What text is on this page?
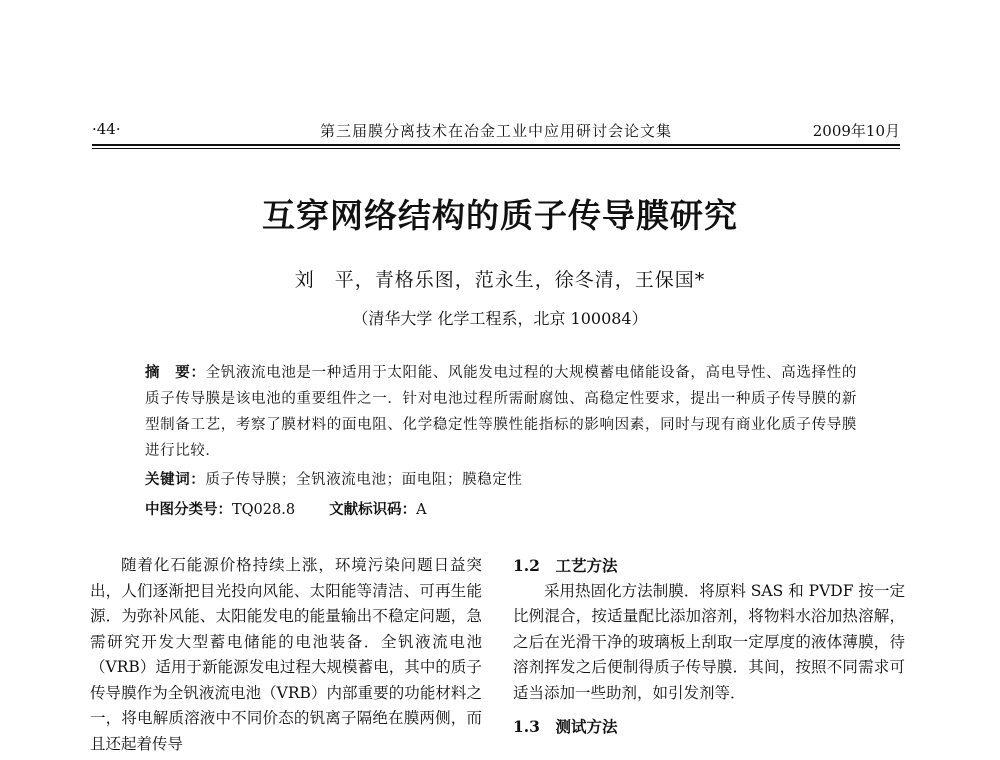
·44·	第三届膜分离技术在冶金工业中应用研讨会论文集	2009年10月
互穿网络结构的质子传导膜研究
刘　平，青格乐图，范永生，徐冬清，王保国*
（清华大学 化学工程系，北京 100084）
摘　要：全钒液流电池是一种适用于太阳能、风能发电过程的大规模蓄电储能设备，高电导性、高选择性的质子传导膜是该电池的重要组件之一．针对电池过程所需耐腐蚀、高稳定性要求，提出一种质子传导膜的新型制备工艺，考察了膜材料的面电阻、化学稳定性等膜性能指标的影响因素，同时与现有商业化质子传导膜进行比较．
关键词：质子传导膜；全钒液流电池；面电阻；膜稳定性
中图分类号：TQ028.8 文献标识码：A

随着化石能源价格持续上涨，环境污染问题日益突出，人们逐渐把目光投向风能、太阳能等清洁、可再生能源．为弥补风能、太阳能发电的能量输出不稳定问题，急需研究开发大型蓄电储能的电池装备．全钒液流电池（VRB）适用于新能源发电过程大规模蓄电，其中的质子传导膜作为全钒液流电池（VRB）内部重要的功能材料之一，将电解质溶液中不同价态的钒离子隔绝在膜两侧，而且还起着传导

1.2　工艺方法

采用热固化方法制膜．将原料 SAS 和 PVDF 按一定比例混合，按适量配比添加溶剂，将物料水浴加热溶解，之后在光滑干净的玻璃板上刮取一定厚度的液体薄膜，待溶剂挥发之后便制得质子传导膜．其间，按照不同需求可适当添加一些助剂，如引发剂等．

1.3　测试方法
